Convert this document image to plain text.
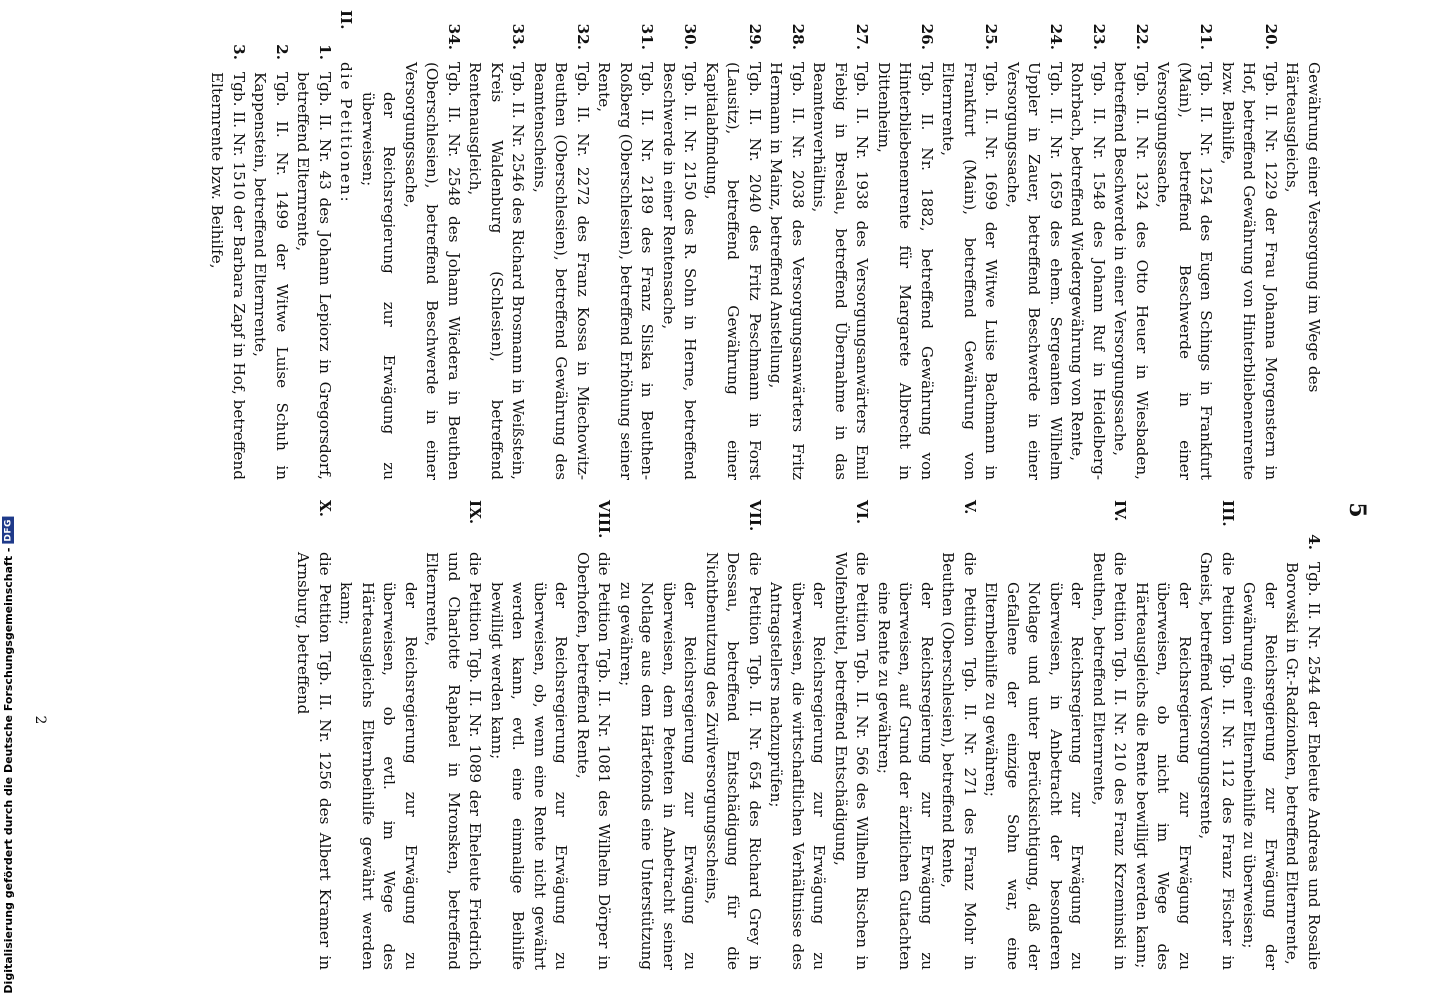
5

Gewährung einer Versorgung im Wege des Härteausgleichs,

20.
Tgb. II. Nr. 1229 der Frau Johanna Morgenstern in Hof, betreffend Gewährung von Hinterbliebenenrente bzw. Beihilfe,

21.
Tgb. II. Nr. 1254 des Eugen Schings in Frankfurt (Main), betreffend Beschwerde in einer Versorgungssache,

22.
Tgb. II. Nr. 1324 des Otto Heuer in Wiesbaden, betreffend Beschwerde in einer Versorgungssache,

23.
Tgb. II. Nr. 1548 des Johann Ruf in Heidelberg-Rohrbach, betreffend Wiedergewährung von Rente,

24.
Tgb. II. Nr. 1659 des ehem. Sergeanten Wilhelm Uppler in Zauer, betreffend Beschwerde in einer Versorgungssache,

25.
Tgb. II. Nr. 1699 der Witwe Luise Bachmann in Frankfurt (Main), betreffend Gewährung von Elternrente,

26.
Tgb. II. Nr. 1882, betreffend Gewährung von Hinterbliebenenrente für Margarete Albrecht in Dittenheim,

27.
Tgb. II. Nr. 1938 des Versorgungsanwärters Emil Fiebig in Breslau, betreffend Übernahme in das Beamtenverhältnis,

28.
Tgb. II. Nr. 2038 des Versorgungsanwärters Fritz Hermann in Mainz, betreffend Anstellung,

29.
Tgb. II. Nr. 2040 des Fritz Peschmann in Forst (Lausitz), betreffend Gewährung einer Kapitalabfindung,

30.
Tgb. II. Nr. 2150 des R. Sohn in Herne, betreffend Beschwerde in einer Rentensache,

31.
Tgb. II. Nr. 2189 des Franz Sliska in Beuthen-Roßberg (Oberschlesien), betreffend Erhöhung seiner Rente,

32.
Tgb. II. Nr. 2272 des Franz Kossa in Miechowitz-Beuthen (Oberschlesien), betreffend Gewährung des Beamtenscheins,

33.
Tgb. II. Nr. 2546 des Richard Brosmann in Weißstein, Kreis Waldenburg (Schlesien), betreffend Rentenausgleich,

34.
Tgb. II. Nr. 2548 des Johann Wiedera in Beuthen (Oberschlesien), betreffend Beschwerde in einer Versorgungssache,

der Reichsregierung zur Erwägung zu überweisen;

II.
die Petitionen:

1.
Tgb. II. Nr. 43 des Johann Lepiorz in Gregorsdorf, betreffend Elternrente,

2.
Tgb. II. Nr. 1499 der Witwe Luise Schuh in Kappenstein, betreffend Elternrente,

3.
Tgb. II. Nr. 1510 der Barbara Zapf in Hof, betreffend Elternrente bzw. Beihilfe,

4.
Tgb. II. Nr. 2544 der Eheleute Andreas und Rosalie Borowski in Gr.-Radzionken, betreffend Elternrente,

der Reichsregierung zur Erwägung der Gewährung einer Elternbeihilfe zu überweisen;

III.
die Petition Tgb. II. Nr. 112 des Franz Fischer in Gneist, betreffend Versorgungsrente,

der Reichsregierung zur Erwägung zu überweisen, ob nicht im Wege des Härteausgleichs die Rente bewilligt werden kann;

IV.
die Petition Tgb. II. Nr. 210 des Franz Krzeminski in Beuthen, betreffend Elternrente,

der Reichsregierung zur Erwägung zu überweisen, in Anbetracht der besonderen Notlage und unter Berücksichtigung, daß der Gefallene der einzige Sohn war, eine Elternbeihilfe zu gewähren;

V.
die Petition Tgb. II. Nr. 271 des Franz Mohr in Beuthen (Oberschlesien), betreffend Rente,

der Reichsregierung zur Erwägung zu überweisen, auf Grund der ärztlichen Gutachten eine Rente zu gewähren;

VI.
die Petition Tgb. II. Nr. 566 des Wilhelm Rischen in Wolfenbüttel, betreffend Entschädigung,

der Reichsregierung zur Erwägung zu überweisen, die wirtschaftlichen Verhältnisse des Antragstellers nachzuprüfen;

VII.
die Petition Tgb. II. Nr. 654 des Richard Grey in Dessau, betreffend Entschädigung für die Nichtbenutzung des Zivilversorgungsscheins,

der Reichsregierung zur Erwägung zu überweisen, dem Petenten in Anbetracht seiner Notlage aus dem Härtefonds eine Unterstützung zu gewähren;

VIII.
die Petition Tgb. II. Nr. 1081 des Wilhelm Dörper in Oberhofen, betreffend Rente,

der Reichsregierung zur Erwägung zu überweisen, ob, wenn eine Rente nicht gewährt werden kann, evtl. eine einmalige Beihilfe bewilligt werden kann;

IX.
die Petition Tgb. II. Nr. 1089 der Eheleute Friedrich und Charlotte Raphael in Mronsken, betreffend Elternrente,

der Reichsregierung zur Erwägung zu überweisen, ob evtl. im Wege des Härteausgleichs Elternbeihilfe gewährt werden kann;

X.
die Petition Tgb. II. Nr. 1256 des Albert Kramer in Arnsburg, betreffend

2
Digitalisierung gefördert durch die Deutsche Forschungsgemeinschaft -
DFG
